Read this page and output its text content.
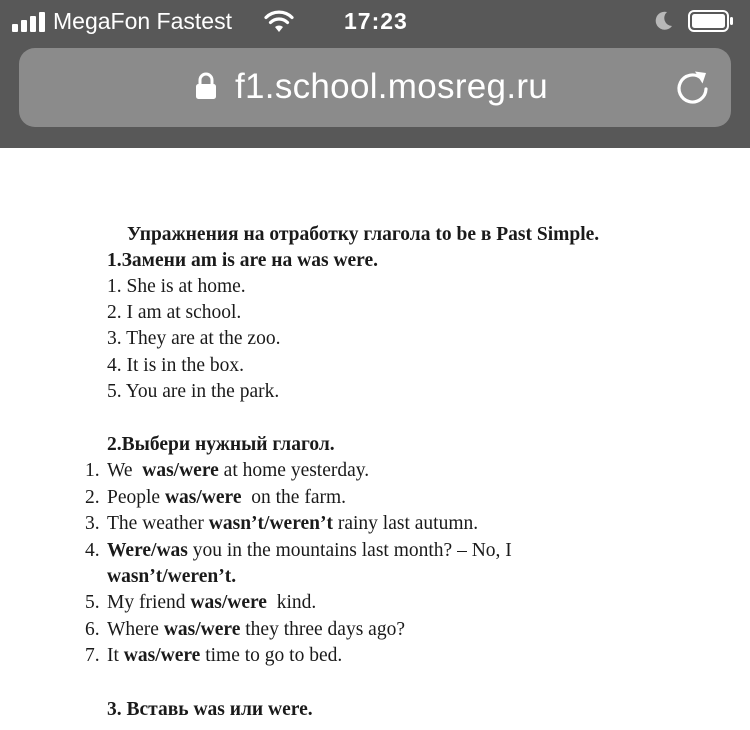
MegaFon Fastest	17:23
f1.school.mosreg.ru
Упражнения на отработку глагола to be в Past Simple.
1.Замени am is are на was were.
1. She is at home.
2. I am at school.
3. They are at the zoo.
4. It is in the box.
5. You are in the park.
2.Выбери нужный глагол.
1. We  was/were at home yesterday.
2. People was/were  on the farm.
3. The weather wasn’t/weren’t rainy last autumn.
4. Were/was you in the mountains last month? – No, I
wasn’t/weren’t.
5. My friend was/were  kind.
6. Where was/were they three days ago?
7. It was/were time to go to bed.
3. Вставь was или were.
